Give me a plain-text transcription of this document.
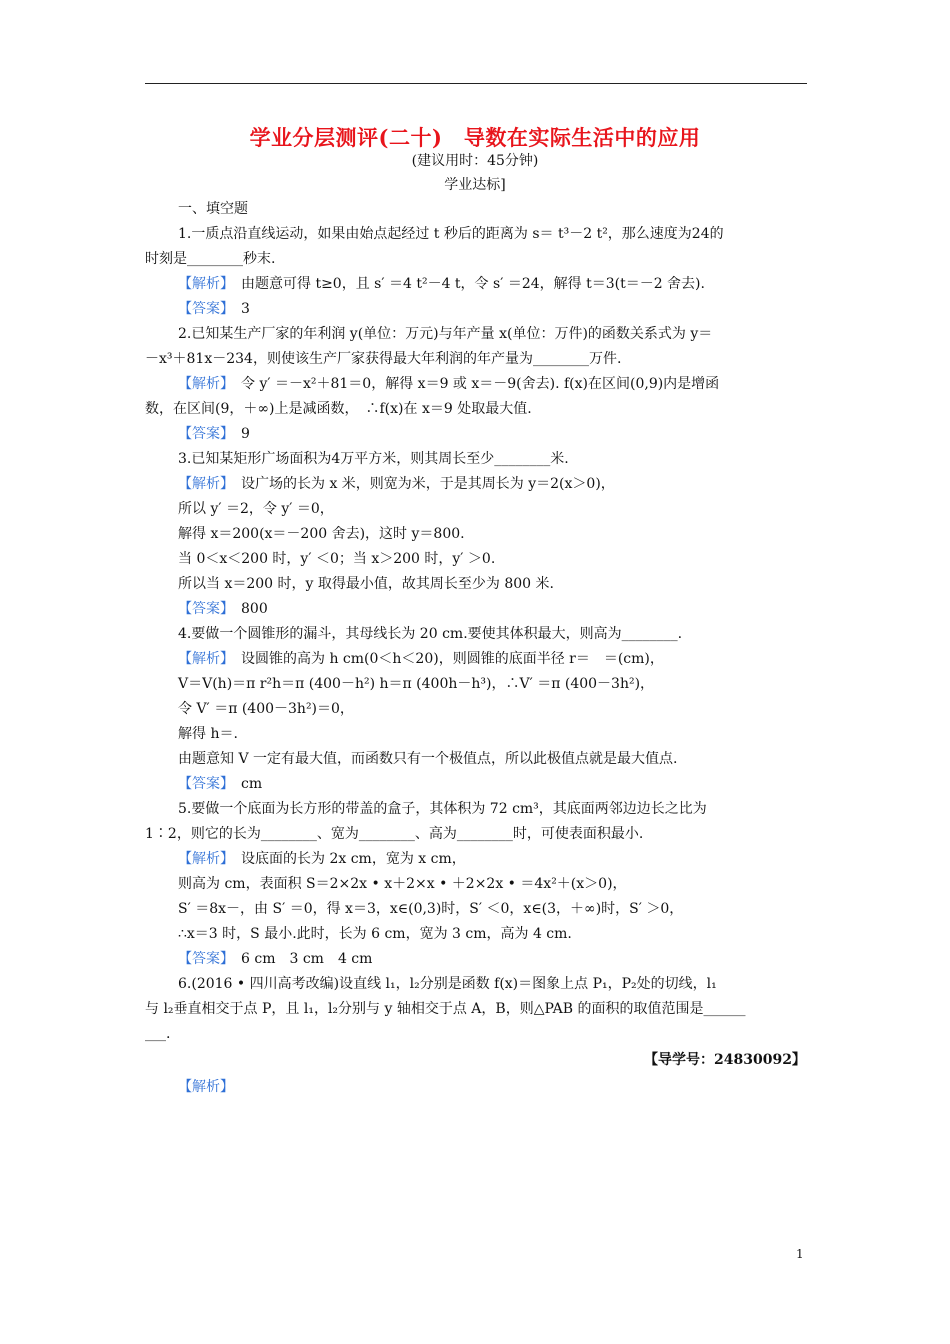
学业分层测评(二十)　导数在实际生活中的应用
(建议用时：45分钟)
学业达标]
一、填空题
1.一质点沿直线运动，如果由始点起经过 t 秒后的距离为 s＝ t³－2 t²，那么速度为24的
时刻是________秒末.
【解析】　由题意可得 t≥0，且 s′ ＝4 t²－4 t，令 s′ ＝24，解得 t＝3(t＝－2 舍去).
【答案】　3
2.已知某生产厂家的年利润 y(单位：万元)与年产量 x(单位：万件)的函数关系式为 y＝
－x³＋81x－234，则使该生产厂家获得最大年利润的年产量为________万件.
【解析】　令 y′ ＝－x²＋81＝0，解得 x＝9 或 x＝－9(舍去). f(x)在区间(0,9)内是增函
数，在区间(9，＋∞)上是减函数，　∴f(x)在 x＝9 处取最大值.
【答案】　9
3.已知某矩形广场面积为4万平方米，则其周长至少________米.
【解析】　设广场的长为 x 米，则宽为米，于是其周长为 y＝2(x＞0)，
所以 y′ ＝2，令 y′ ＝0，
解得 x＝200(x＝－200 舍去)，这时 y＝800.
当 0＜x＜200 时，y′ ＜0；当 x＞200 时，y′ ＞0.
所以当 x＝200 时，y 取得最小值，故其周长至少为 800 米.
【答案】　800
4.要做一个圆锥形的漏斗，其母线长为 20 cm.要使其体积最大，则高为________.
【解析】　设圆锥的高为 h cm(0＜h＜20)，则圆锥的底面半径 r＝　＝(cm)，
V＝V(h)＝π r²h＝π (400－h²) h＝π (400h－h³)，∴V′ ＝π (400－3h²)，
令 V′ ＝π (400－3h²)＝0，
解得 h＝.
由题意知 V 一定有最大值，而函数只有一个极值点，所以此极值点就是最大值点.
【答案】　cm
5.要做一个底面为长方形的带盖的盒子，其体积为 72 cm³，其底面两邻边边长之比为
1∶2，则它的长为________、宽为________、高为________时，可使表面积最小.
【解析】　设底面的长为 2x cm，宽为 x cm，
则高为 cm，表面积 S＝2×2x • x＋2×x • ＋2×2x • ＝4x²＋(x＞0)，
S′ ＝8x－，由 S′ ＝0，得 x＝3，x∈(0,3)时，S′ ＜0，x∈(3，＋∞)时，S′ ＞0，
∴x＝3 时，S 最小.此时，长为 6 cm，宽为 3 cm，高为 4 cm.
【答案】　6 cm　3 cm　4 cm
6.(2016 • 四川高考改编)设直线 l₁，l₂分别是函数 f(x)＝图象上点 P₁，P₂处的切线，l₁
与 l₂垂直相交于点 P，且 l₁，l₂分别与 y 轴相交于点 A，B，则△PAB 的面积的取值范围是______
___.
【导学号：24830092】
【解析】
1
